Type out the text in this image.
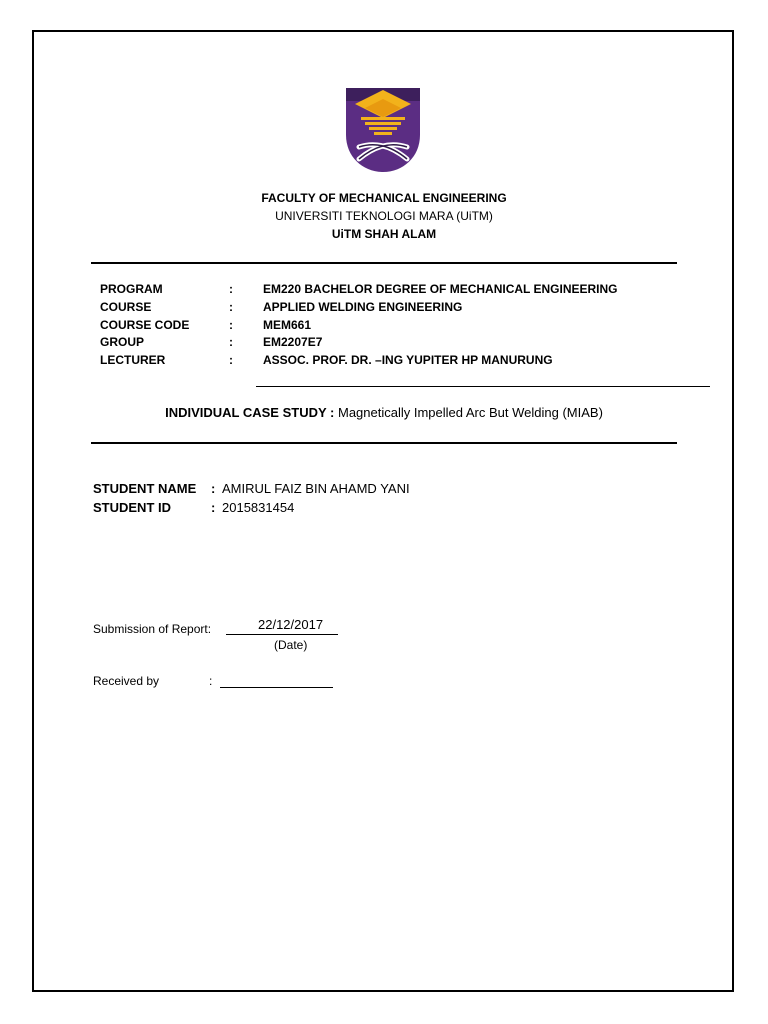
FACULTY OF MECHANICAL ENGINEERING
UNIVERSITI TEKNOLOGI MARA (UiTM)
UiTM SHAH ALAM
PROGRAM	:	EM220 BACHELOR DEGREE OF MECHANICAL ENGINEERING
COURSE	:	APPLIED WELDING ENGINEERING
COURSE CODE	:	MEM661
GROUP	:	EM2207E7
LECTURER	:	ASSOC. PROF. DR. –ING YUPITER HP MANURUNG
INDIVIDUAL CASE STUDY : Magnetically Impelled Arc But Welding (MIAB)
STUDENT NAME : AMIRUL FAIZ BIN AHAMD YANI
STUDENT ID	: 2015831454
Submission of Report:	22/12/2017
(Date)
Received by	:
